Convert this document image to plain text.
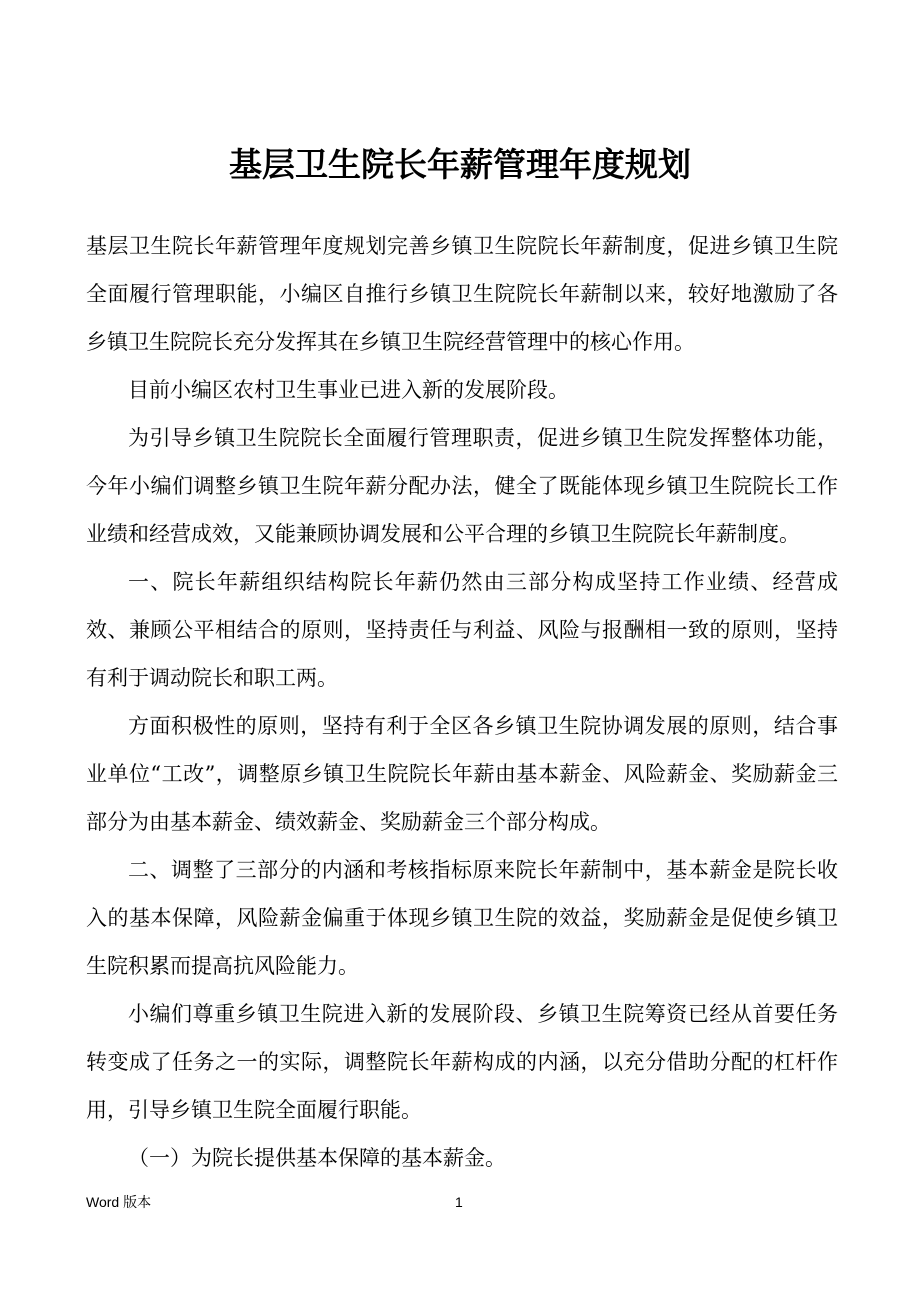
基层卫生院长年薪管理年度规划

基层卫生院长年薪管理年度规划完善乡镇卫生院院长年薪制度，促进乡镇卫生院全面履行管理职能，小编区自推行乡镇卫生院院长年薪制以来，较好地激励了各乡镇卫生院院长充分发挥其在乡镇卫生院经营管理中的核心作用。

目前小编区农村卫生事业已进入新的发展阶段。

为引导乡镇卫生院院长全面履行管理职责，促进乡镇卫生院发挥整体功能，今年小编们调整乡镇卫生院年薪分配办法，健全了既能体现乡镇卫生院院长工作业绩和经营成效，又能兼顾协调发展和公平合理的乡镇卫生院院长年薪制度。

一、院长年薪组织结构院长年薪仍然由三部分构成坚持工作业绩、经营成效、兼顾公平相结合的原则，坚持责任与利益、风险与报酬相一致的原则，坚持有利于调动院长和职工两。

方面积极性的原则，坚持有利于全区各乡镇卫生院协调发展的原则，结合事业单位“工改”，调整原乡镇卫生院院长年薪由基本薪金、风险薪金、奖励薪金三部分为由基本薪金、绩效薪金、奖励薪金三个部分构成。

二、调整了三部分的内涵和考核指标原来院长年薪制中，基本薪金是院长收入的基本保障，风险薪金偏重于体现乡镇卫生院的效益，奖励薪金是促使乡镇卫生院积累而提高抗风险能力。

小编们尊重乡镇卫生院进入新的发展阶段、乡镇卫生院筹资已经从首要任务转变成了任务之一的实际，调整院长年薪构成的内涵，以充分借助分配的杠杆作用，引导乡镇卫生院全面履行职能。

（一）为院长提供基本保障的基本薪金。

Word 版本	1
